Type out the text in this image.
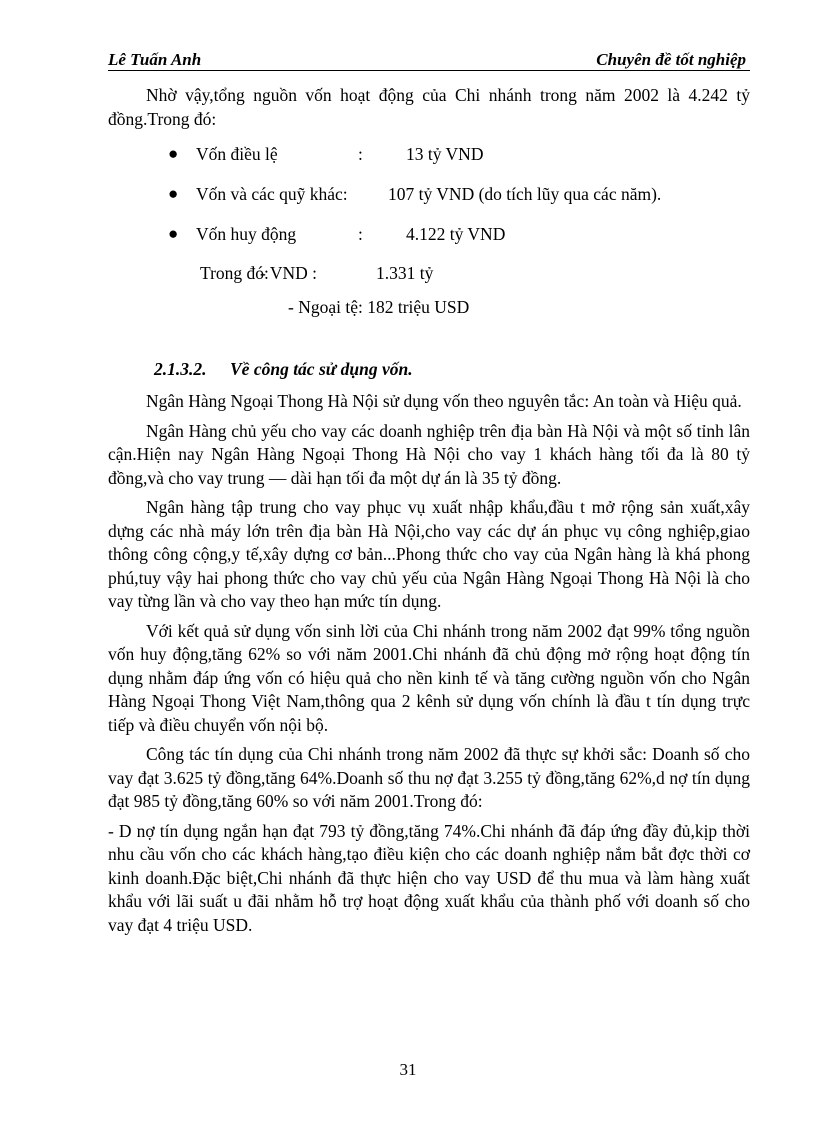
Lê Tuấn Anh	Chuyên đề tốt nghiệp

Nhờ vậy,tổng nguồn vốn hoạt động của Chi nhánh trong năm 2002 là 4.242 tỷ đồng.Trong đó:

● Vốn điều lệ	: 13 tỷ VND
● Vốn và các quỹ khác: 107 tỷ VND (do tích lũy qua các năm).
● Vốn huy động	: 4.122 tỷ VND
Trong đó:
- VND :	1.331 tỷ
- Ngoại tệ: 182 triệu USD
2.1.3.2. Về công tác sử dụng vốn.

Ngân Hàng Ngoại Thong Hà Nội sử dụng vốn theo nguyên tắc: An toàn và Hiệu quả.

Ngân Hàng chủ yếu cho vay các doanh nghiệp trên địa bàn Hà Nội và một số tỉnh lân cận.Hiện nay Ngân Hàng Ngoại Thong Hà Nội cho vay 1 khách hàng tối đa là 80 tỷ đồng,và cho vay trung — dài hạn tối đa một dự án là 35 tỷ đồng.

Ngân hàng tập trung cho vay phục vụ xuất nhập khẩu,đầu t mở rộng sản xuất,xây dựng các nhà máy lớn trên địa bàn Hà Nội,cho vay các dự án phục vụ công nghiệp,giao thông công cộng,y tế,xây dựng cơ bản...Phong thức cho vay của Ngân hàng là khá phong phú,tuy vậy hai phong thức cho vay chủ yếu của Ngân Hàng Ngoại Thong Hà Nội là cho vay từng lần và cho vay theo hạn mức tín dụng.

Với kết quả sử dụng vốn sinh lời của Chi nhánh trong năm 2002 đạt 99% tổng nguồn vốn huy động,tăng 62% so với năm 2001.Chi nhánh đã chủ động mở rộng hoạt động tín dụng nhằm đáp ứng vốn có hiệu quả cho nền kinh tế và tăng cường nguồn vốn cho Ngân Hàng Ngoại Thong Việt Nam,thông qua 2 kênh sử dụng vốn chính là đầu t tín dụng trực tiếp và điều chuyển vốn nội bộ.

Công tác tín dụng của Chi nhánh trong năm 2002 đã thực sự khởi sắc: Doanh số cho vay đạt 3.625 tỷ đồng,tăng 64%.Doanh số thu nợ đạt 3.255 tỷ đồng,tăng 62%,d nợ tín dụng đạt 985 tỷ đồng,tăng 60% so với năm 2001.Trong đó:

- D nợ tín dụng ngắn hạn đạt 793 tỷ đồng,tăng 74%.Chi nhánh đã đáp ứng đầy đủ,kịp thời nhu cầu vốn cho các khách hàng,tạo điều kiện cho các doanh nghiệp nắm bắt đợc thời cơ kinh doanh.Đặc biệt,Chi nhánh đã thực hiện cho vay USD để thu mua và làm hàng xuất khẩu với lãi suất u đãi nhằm hỗ trợ hoạt động xuất khẩu của thành phố với doanh số cho vay đạt 4 triệu USD.

31
